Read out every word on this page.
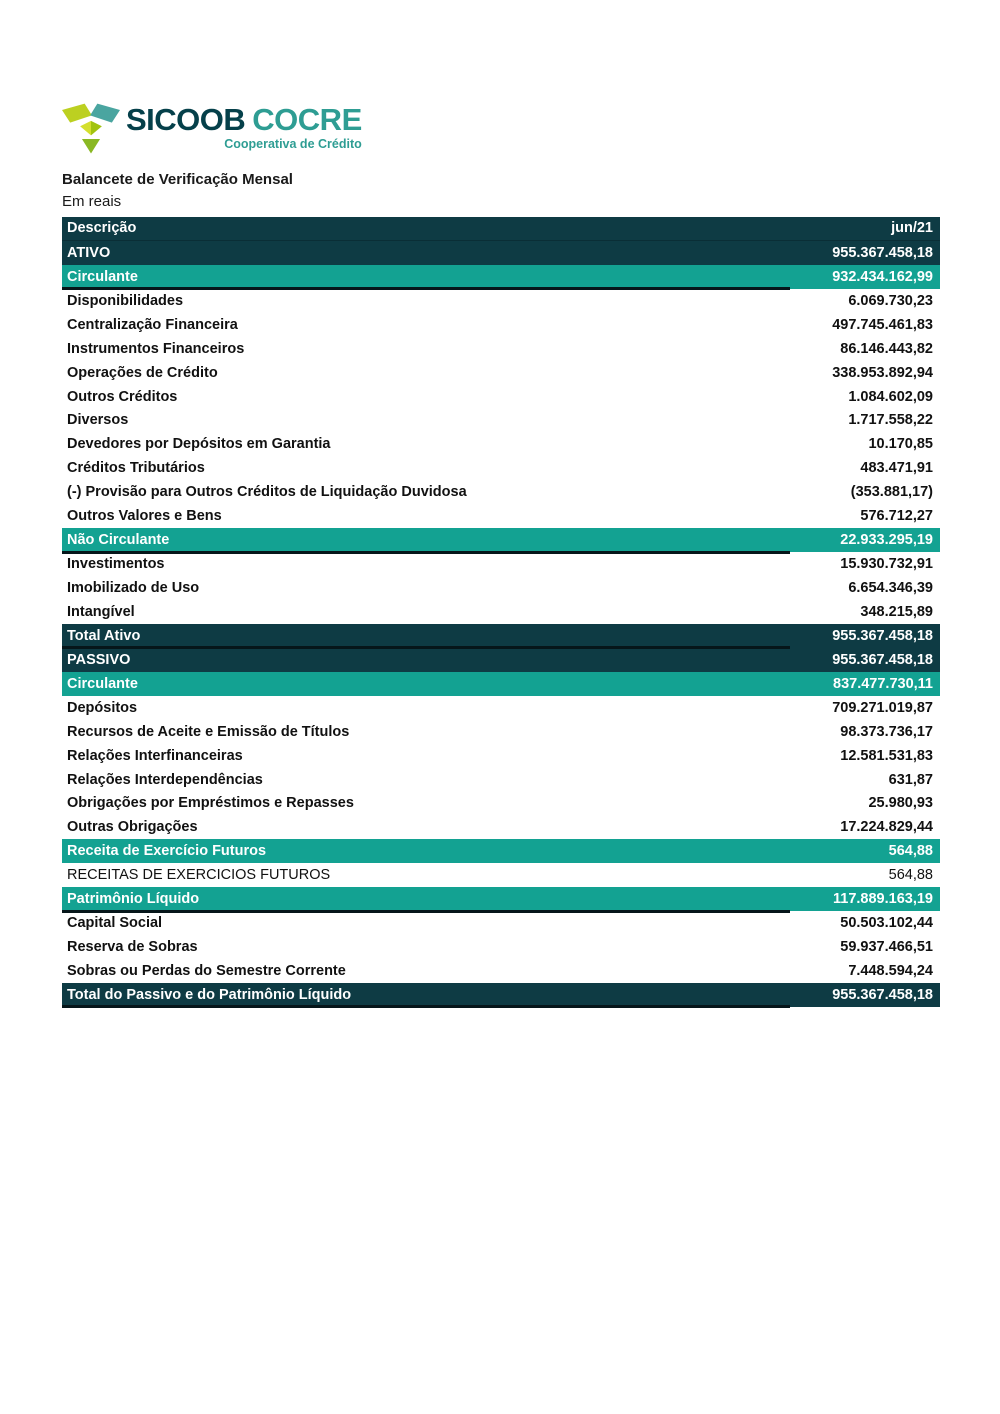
SICOOB COCRE
Cooperativa de Crédito
Balancete de Verificação Mensal
Em reais
Descrição	jun/21
ATIVO	955.367.458,18
Circulante	932.434.162,99
Disponibilidades	6.069.730,23
Centralização Financeira	497.745.461,83
Instrumentos Financeiros	86.146.443,82
Operações de Crédito	338.953.892,94
Outros Créditos	1.084.602,09
Diversos	1.717.558,22
Devedores por Depósitos em Garantia	10.170,85
Créditos Tributários	483.471,91
(-) Provisão para Outros Créditos de Liquidação Duvidosa	(353.881,17)
Outros Valores e Bens	576.712,27
Não Circulante	22.933.295,19
Investimentos	15.930.732,91
Imobilizado de Uso	6.654.346,39
Intangível	348.215,89
Total Ativo	955.367.458,18
PASSIVO	955.367.458,18
Circulante	837.477.730,11
Depósitos	709.271.019,87
Recursos de Aceite e Emissão de Títulos	98.373.736,17
Relações Interfinanceiras	12.581.531,83
Relações Interdependências	631,87
Obrigações por Empréstimos e Repasses	25.980,93
Outras Obrigações	17.224.829,44
Receita de Exercício Futuros	564,88
RECEITAS DE EXERCICIOS FUTUROS	564,88
Patrimônio Líquido	117.889.163,19
Capital Social	50.503.102,44
Reserva de Sobras	59.937.466,51
Sobras ou Perdas do Semestre Corrente	7.448.594,24
Total do Passivo e do Patrimônio Líquido	955.367.458,18
